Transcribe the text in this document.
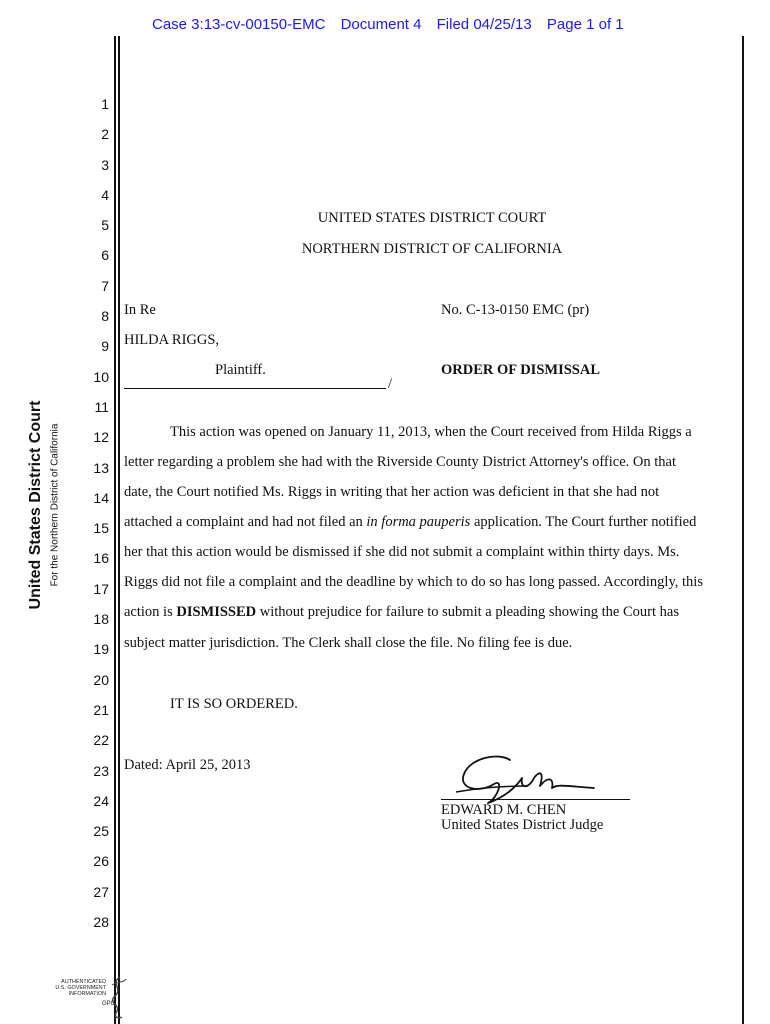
Case 3:13-cv-00150-EMC Document 4 Filed 04/25/13 Page 1 of 1
United States District Court For the Northern District of California
1
2
3
4
5
6
7
8
9
10
11
12
13
14
15
16
17
18
19
20
21
22
23
24
25
26
27
28
UNITED STATES DISTRICT COURT
NORTHERN DISTRICT OF CALIFORNIA
In Re	No. C-13-0150 EMC (pr)
HILDA RIGGS,
Plaintiff.	ORDER OF DISMISSAL
/
This action was opened on January 11, 2013, when the Court received from Hilda Riggs a
letter regarding a problem she had with the Riverside County District Attorney's office. On that
date, the Court notified Ms. Riggs in writing that her action was deficient in that she had not
attached a complaint and had not filed an in forma pauperis application. The Court further notified
her that this action would be dismissed if she did not submit a complaint within thirty days. Ms.
Riggs did not file a complaint and the deadline by which to do so has long passed. Accordingly, this
action is DISMISSED without prejudice for failure to submit a pleading showing the Court has
subject matter jurisdiction. The Clerk shall close the file. No filing fee is due.
IT IS SO ORDERED.
Dated: April 25, 2013
EDWARD M. CHEN
United States District Judge
AUTHENTICATED
U.S. GOVERNMENT
INFORMATION
GPO
